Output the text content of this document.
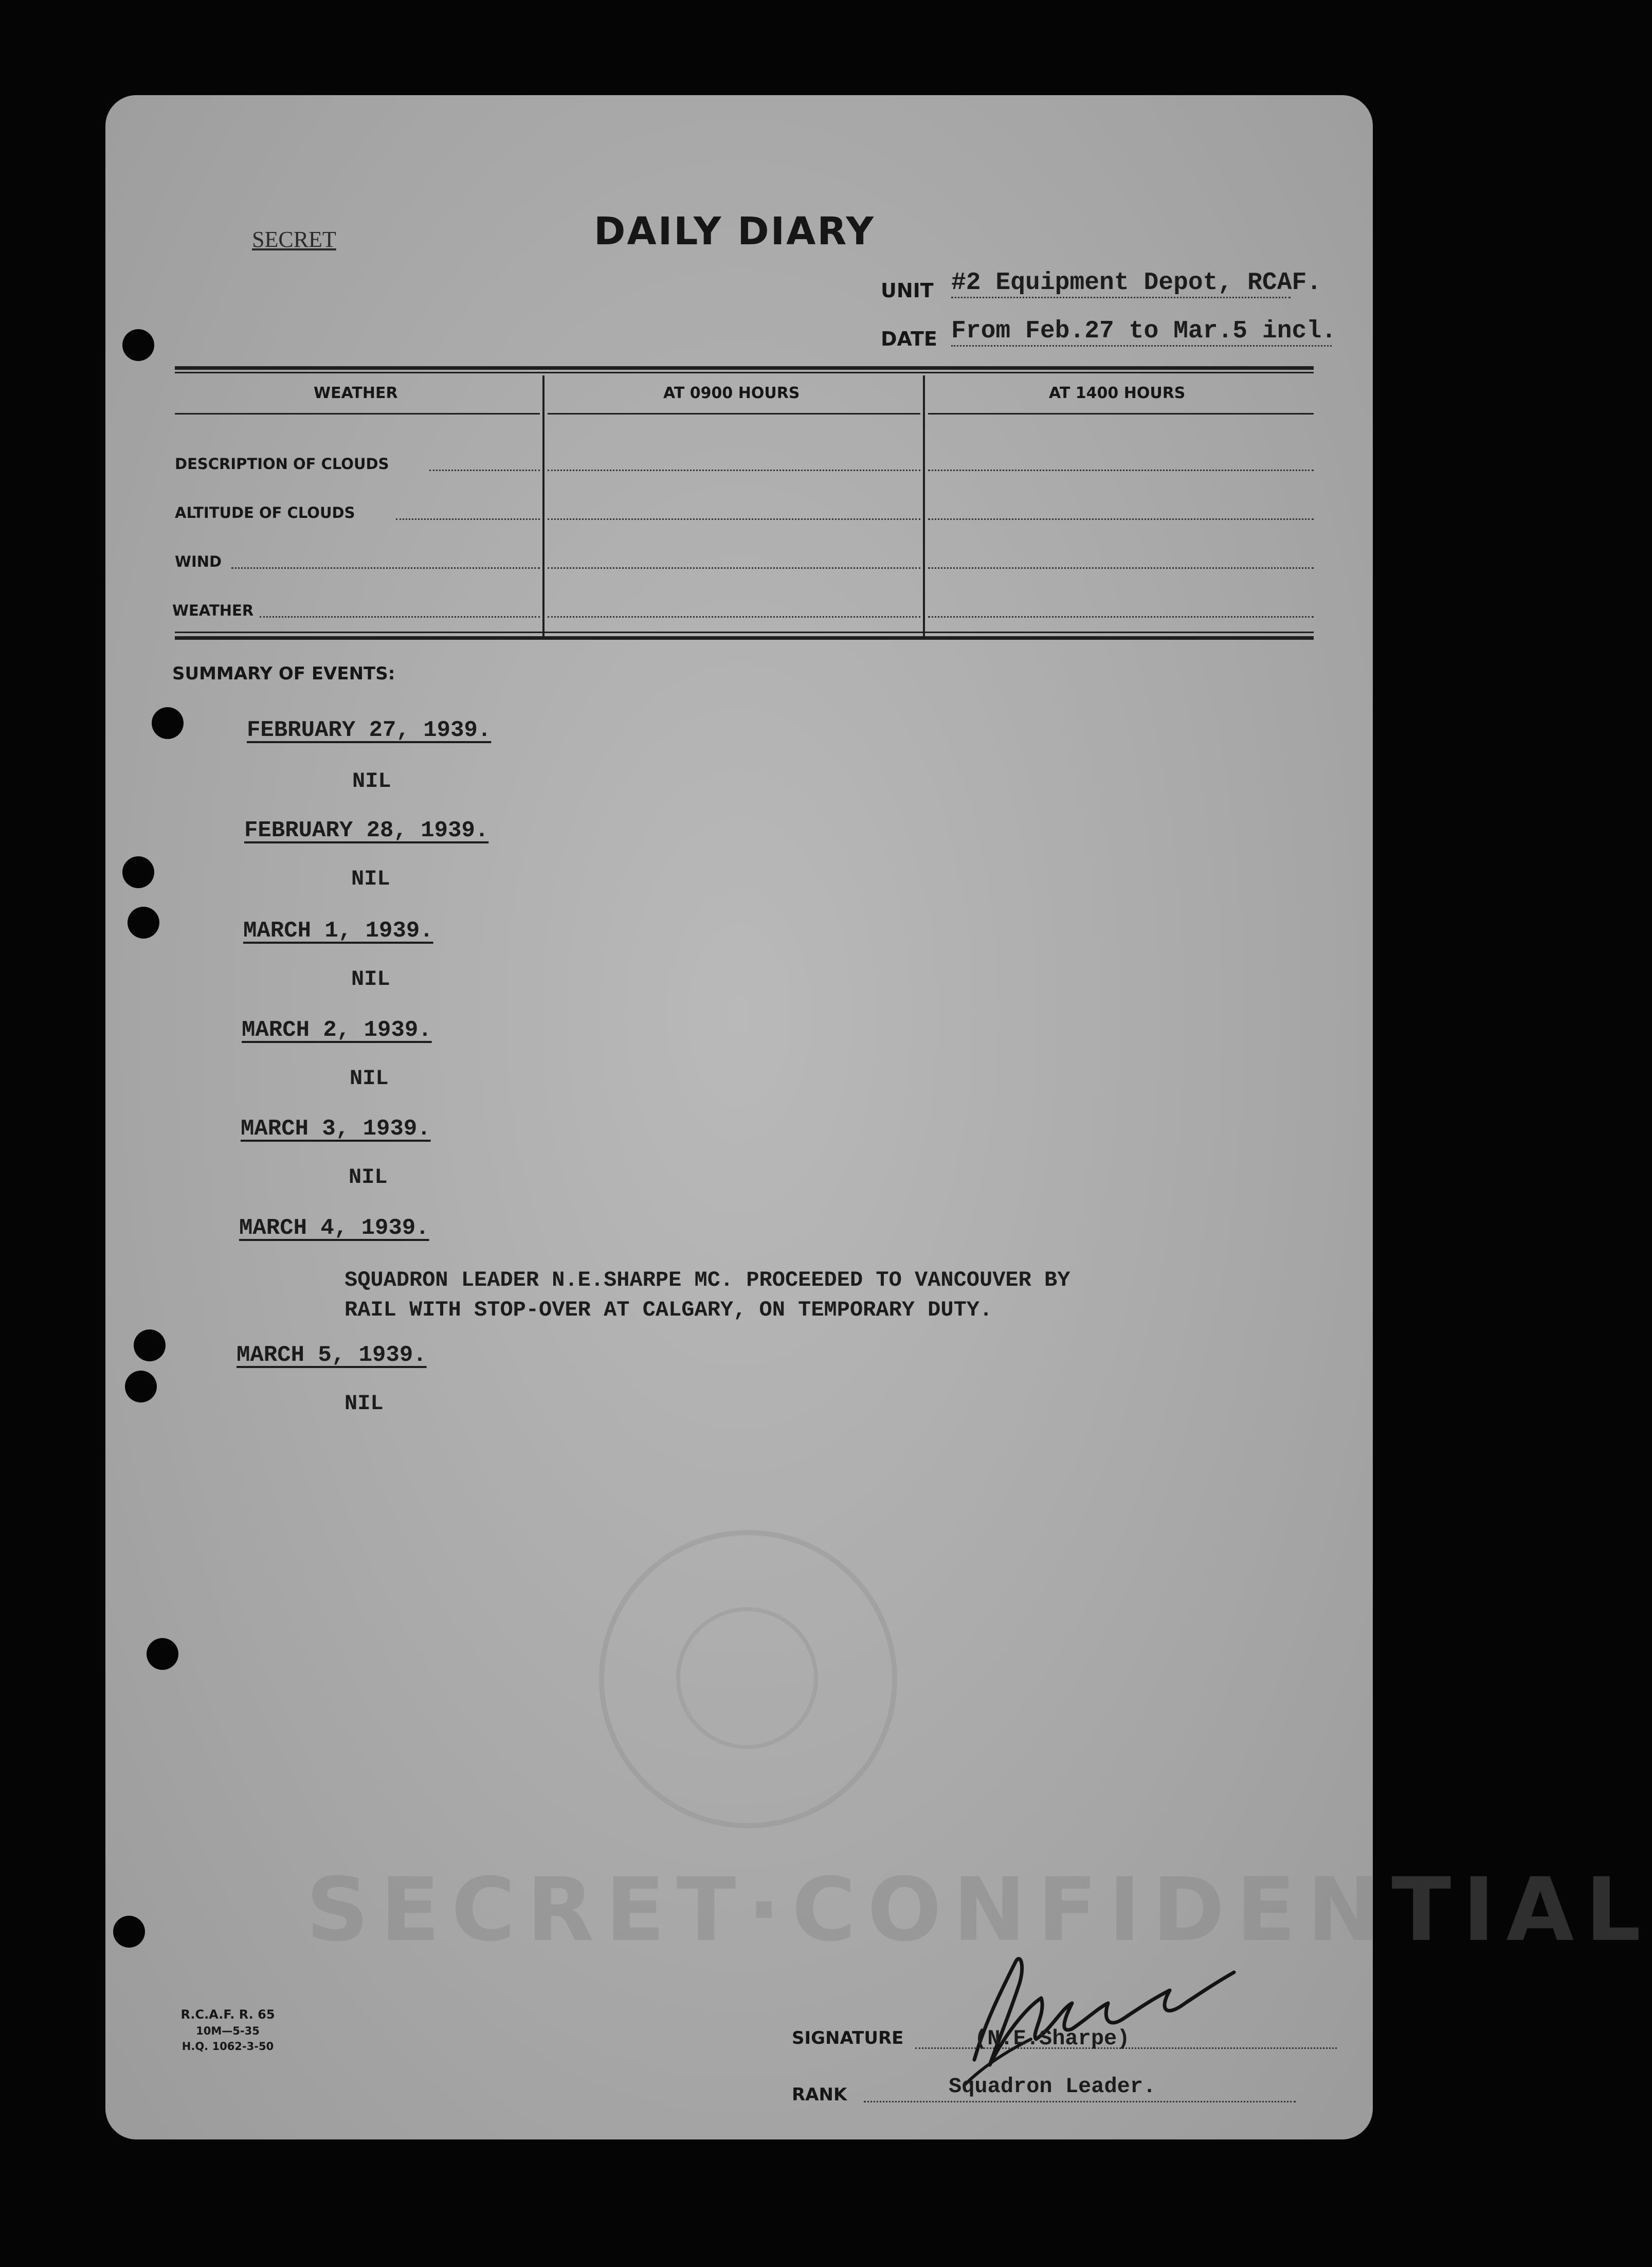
SECRET	DAILY DIARY
UNIT #2 Equipment Depot, RCAF.
DATE From Feb.27 to Mar.5 incl.
WEATHER	AT 0900 HOURS	AT 1400 HOURS
DESCRIPTION OF CLOUDS
ALTITUDE OF CLOUDS
WIND
WEATHER
SUMMARY OF EVENTS:
FEBRUARY 27, 1939.
NIL
FEBRUARY 28, 1939.
NIL
MARCH 1, 1939.
NIL
MARCH 2, 1939.
NIL
MARCH 3, 1939.
NIL
MARCH 4, 1939.
SQUADRON LEADER N.E.SHARPE MC. PROCEEDED TO VANCOUVER BY
RAIL WITH STOP-OVER AT CALGARY, ON TEMPORARY DUTY.
MARCH 5, 1939.
NIL
SECRET·CONFIDENTIAL
R.C.A.F. R. 65
10M—5-35
H.Q. 1062-3-50	SIGNATURE	(N.E.Sharpe)
RANK	Squadron Leader.
